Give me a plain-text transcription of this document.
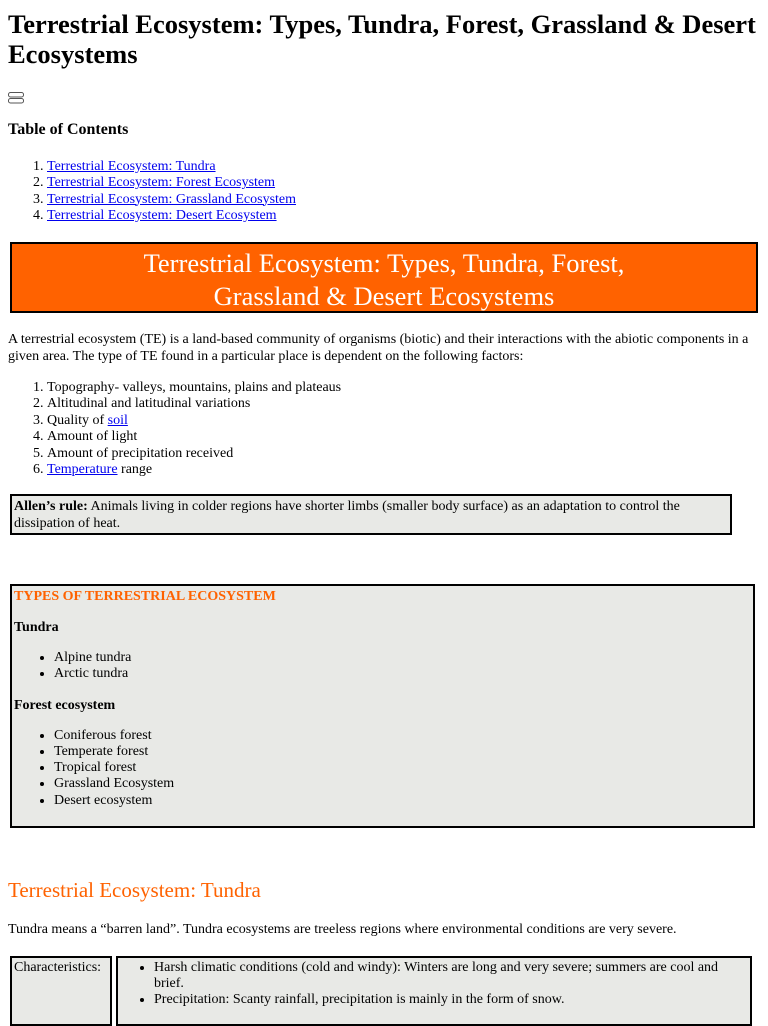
Terrestrial Ecosystem: Types, Tundra, Forest, Grassland & Desert Ecosystems
Table of Contents
1. Terrestrial Ecosystem: Tundra
2. Terrestrial Ecosystem: Forest Ecosystem
3. Terrestrial Ecosystem: Grassland Ecosystem
4. Terrestrial Ecosystem: Desert Ecosystem
Terrestrial Ecosystem: Types, Tundra, Forest,
Grassland & Desert Ecosystems

A terrestrial ecosystem (TE) is a land-based community of organisms (biotic) and their interactions with the abiotic components in a given area. The type of TE found in a particular place is dependent on the following factors:

1. Topography- valleys, mountains, plains and plateaus
2. Altitudinal and latitudinal variations
3. Quality of soil
4. Amount of light
5. Amount of precipitation received
6. Temperature range
Allen’s rule: Animals living in colder regions have shorter limbs (smaller body surface) as an adaptation to control the dissipation of heat.
TYPES OF TERRESTRIAL ECOSYSTEM
Tundra
• Alpine tundra
• Arctic tundra
Forest ecosystem
• Coniferous forest
• Temperate forest
• Tropical forest
• Grassland Ecosystem
• Desert ecosystem
Terrestrial Ecosystem: Tundra
Tundra means a “barren land”. Tundra ecosystems are treeless regions where environmental conditions are very severe.
Characteristics:
•	Harsh climatic conditions (cold and windy): Winters are long and very severe; summers are cool and brief.
• Precipitation: Scanty rainfall, precipitation is mainly in the form of snow.
